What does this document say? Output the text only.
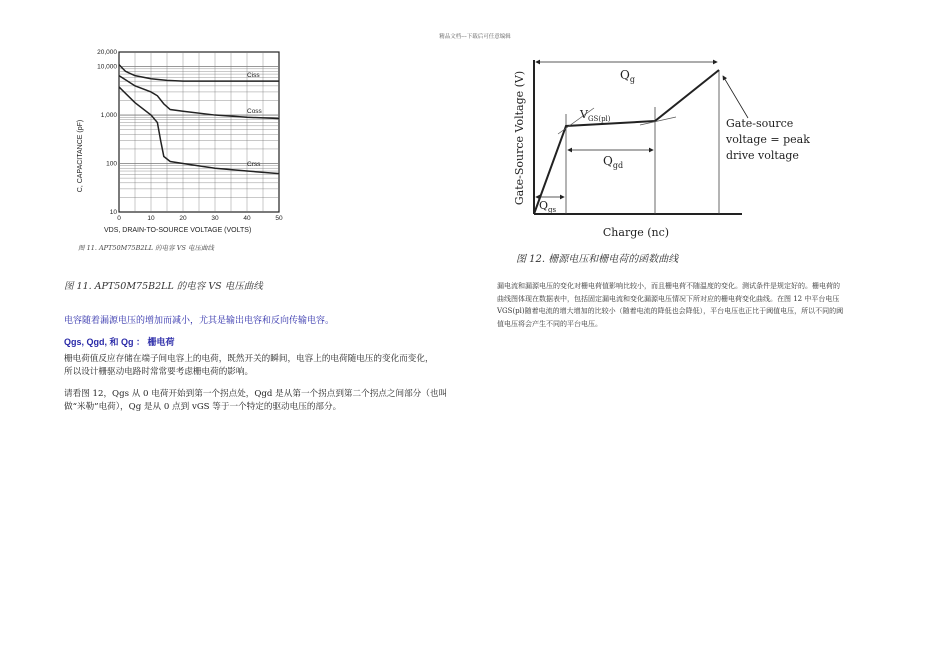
精品文档---下载后可任意编辑
20,000
10,000
1,000
100
10
0	10	20	30	40	50
Ciss
Coss
Crss
C, CAPACITANCE (pF)
VDS, DRAIN-TO-SOURCE VOLTAGE (VOLTS)
图 11. APT50M75B2LL 的电容 VS 电压曲线
Gate-Source Voltage (V)
Charge (nc)
$Q_g$
$Q_{gd}$
$Q_{gs}$
$V_{GS(pl)}$	Gate-source
voltage = peak
drive voltage
图 12. 栅源电压和栅电荷的函数曲线
图 11. APT50M75B2LL 的电容 VS 电压曲线	漏电流和漏源电压的变化对栅电荷值影响比较小，而且栅电荷不随温度的变化。测试条件是规定好的。栅电荷的
曲线图体现在数据表中，包括固定漏电流和变化漏源电压情况下所对应的栅电荷变化曲线。在图 12 中平台电压
VGS(pl)随着电流的增大增加的比较小（随着电流的降低也会降低），平台电压也正比于阈值电压，所以不同的阈
值电压将会产生不同的平台电压。
电容随着漏源电压的增加而减小，尤其是输出电容和反向传输电容。
Qgs, Qgd, 和 Qg ： 栅电荷
栅电荷值反应存储在端子间电容上的电荷，既然开关的瞬间，电容上的电荷随电压的变化而变化，
所以设计栅驱动电路时常常要考虑栅电荷的影响。
请看图 12，Qgs 从 0 电荷开始到第一个拐点处，Qgd 是从第一个拐点到第二个拐点之间部分（也叫
做“米勒”电荷），Qg 是从 0 点到 vGS 等于一个特定的驱动电压的部分。
